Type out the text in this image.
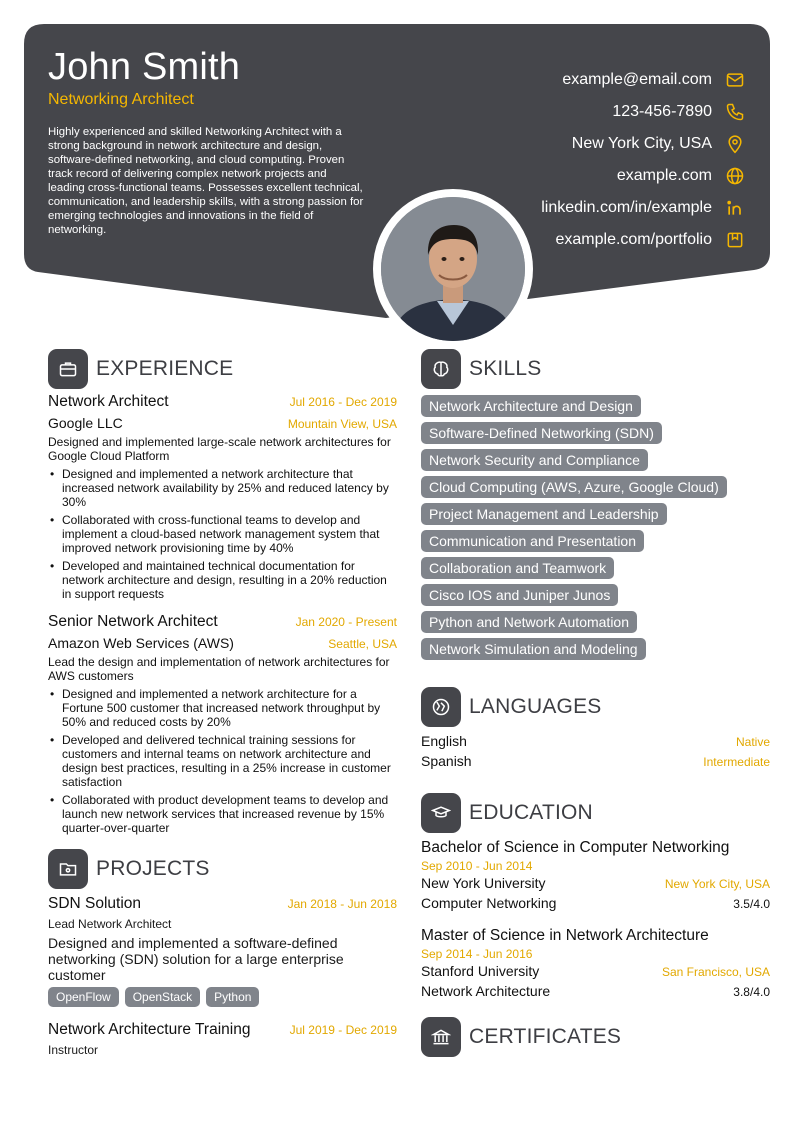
John Smith
Networking Architect
Highly experienced and skilled Networking Architect with a strong background in network architecture and design, software-defined networking, and cloud computing. Proven track record of delivering complex network projects and leading cross-functional teams. Possesses excellent technical, communication, and leadership skills, with a strong passion for emerging technologies and innovations in the field of networking.
example@email.com
123-456-7890
New York City, USA
example.com
linkedin.com/in/example
example.com/portfolio
EXPERIENCE
Network Architect	Jul 2016 - Dec 2019
Google LLC	Mountain View, USA
Designed and implemented large-scale network architectures for Google Cloud Platform
• Designed and implemented a network architecture that increased network availability by 25% and reduced latency by 30%
• Collaborated with cross-functional teams to develop and implement a cloud-based network management system that improved network provisioning time by 40%
• Developed and maintained technical documentation for network architecture and design, resulting in a 20% reduction in support requests
Senior Network Architect	Jan 2020 - Present
Amazon Web Services (AWS)	Seattle, USA
Lead the design and implementation of network architectures for AWS customers
• Designed and implemented a network architecture for a Fortune 500 customer that increased network throughput by 50% and reduced costs by 20%
• Developed and delivered technical training sessions for customers and internal teams on network architecture and design best practices, resulting in a 25% increase in customer satisfaction
• Collaborated with product development teams to develop and launch new network services that increased revenue by 15% quarter-over-quarter
PROJECTS
SDN Solution	Jan 2018 - Jun 2018
Lead Network Architect
Designed and implemented a software-defined networking (SDN) solution for a large enterprise customer
OpenFlow OpenStack Python
Network Architecture Training	Jul 2019 - Dec 2019
Instructor
SKILLS
Network Architecture and Design
Software-Defined Networking (SDN)
Network Security and Compliance
Cloud Computing (AWS, Azure, Google Cloud)
Project Management and Leadership
Communication and Presentation
Collaboration and Teamwork
Cisco IOS and Juniper Junos
Python and Network Automation
Network Simulation and Modeling
LANGUAGES
English	Native
Spanish	Intermediate
EDUCATION
Bachelor of Science in Computer Networking
Sep 2010 - Jun 2014
New York University	New York City, USA
Computer Networking	3.5/4.0
Master of Science in Network Architecture
Sep 2014 - Jun 2016
Stanford University	San Francisco, USA
Network Architecture	3.8/4.0
CERTIFICATES
